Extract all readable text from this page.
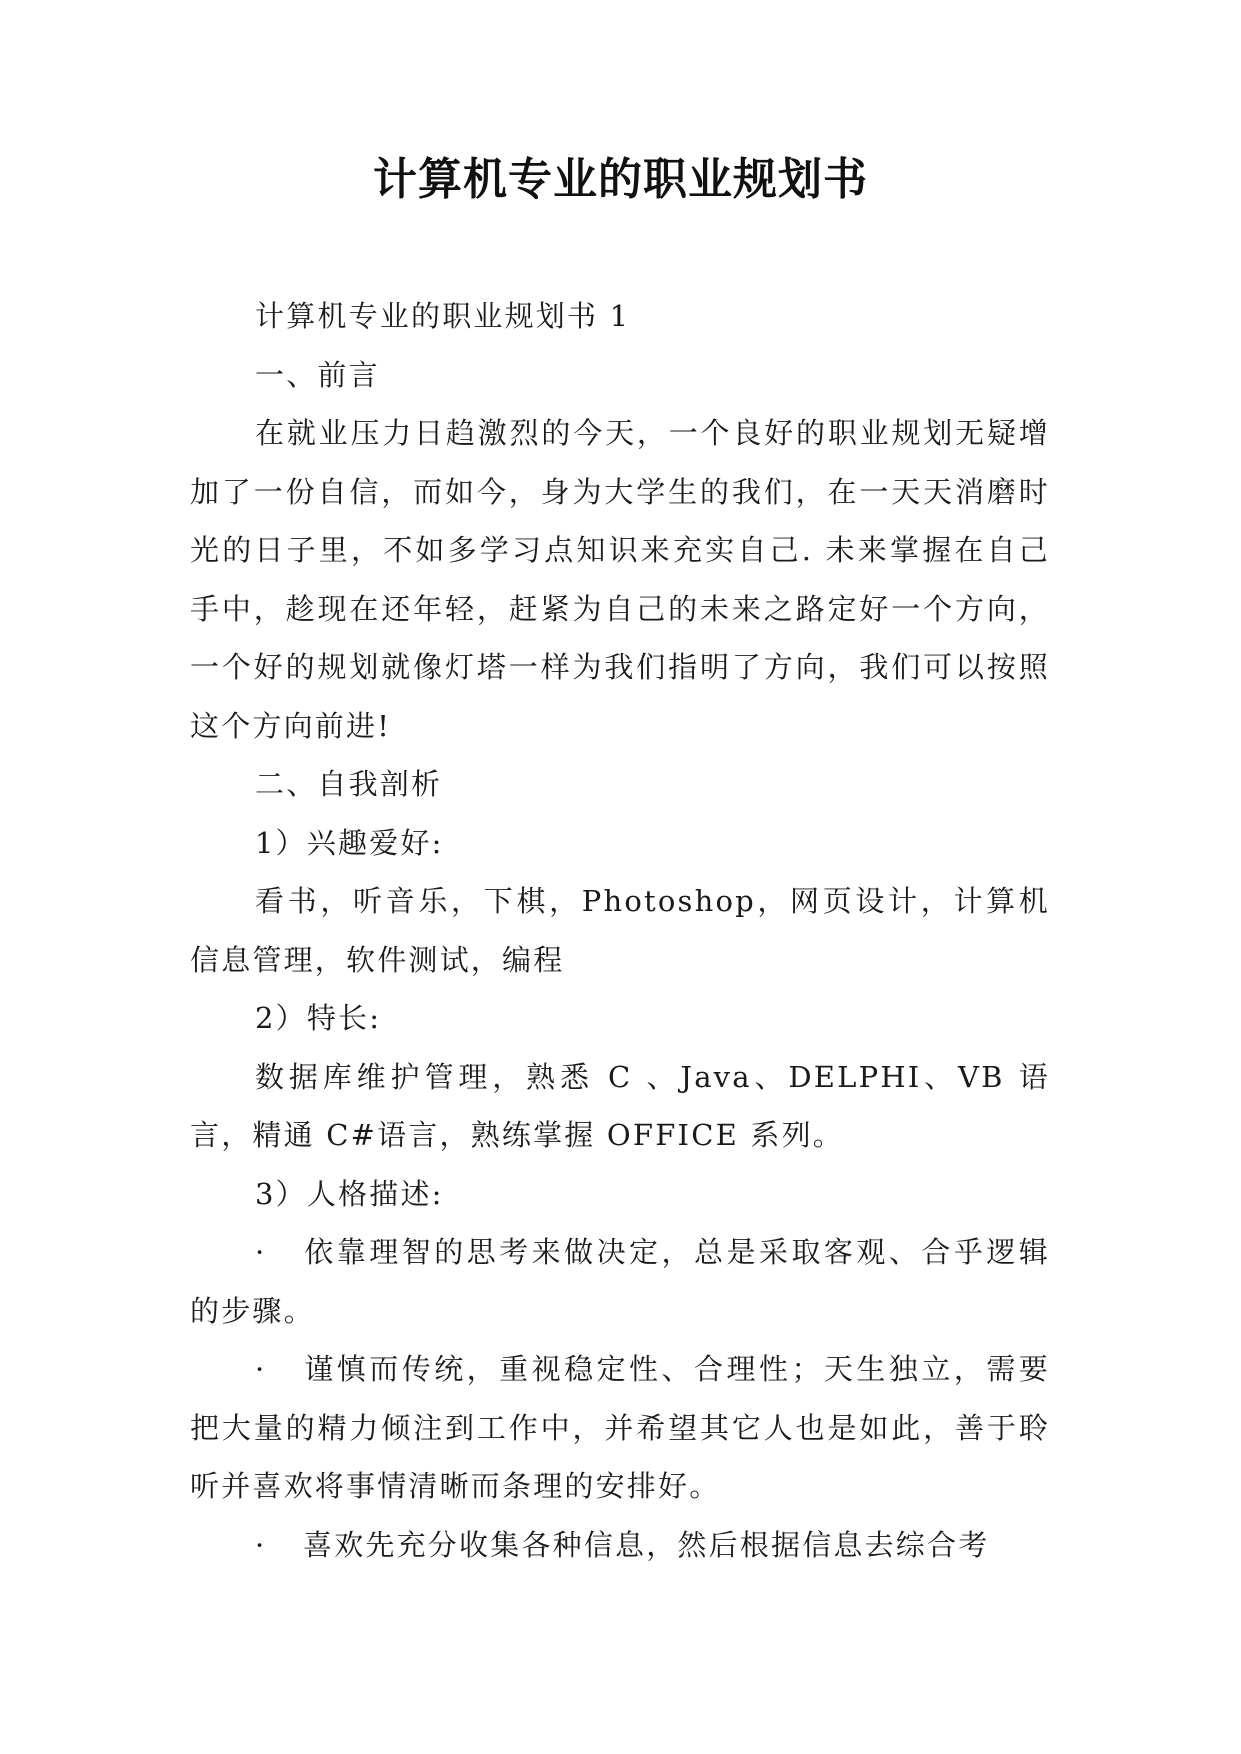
计算机专业的职业规划书

计算机专业的职业规划书 1

一、前言

在就业压力日趋激烈的今天，一个良好的职业规划无疑增加了一份自信，而如今，身为大学生的我们，在一天天消磨时光的日子里，不如多学习点知识来充实自己. 未来掌握在自己手中，趁现在还年轻，赶紧为自己的未来之路定好一个方向，一个好的规划就像灯塔一样为我们指明了方向，我们可以按照这个方向前进!

二、自我剖析

1）兴趣爱好:

看书，听音乐，下棋，Photoshop，网页设计，计算机信息管理，软件测试，编程

2）特长:

数据库维护管理，熟悉 C 、Java、DELPHI、VB 语言，精通 C#语言，熟练掌握 OFFICE 系列。

3）人格描述:

· 依靠理智的思考来做决定，总是采取客观、合乎逻辑的步骤。

· 谨慎而传统，重视稳定性、合理性；天生独立，需要把大量的精力倾注到工作中，并希望其它人也是如此，善于聆听并喜欢将事情清晰而条理的安排好。

· 喜欢先充分收集各种信息，然后根据信息去综合考
